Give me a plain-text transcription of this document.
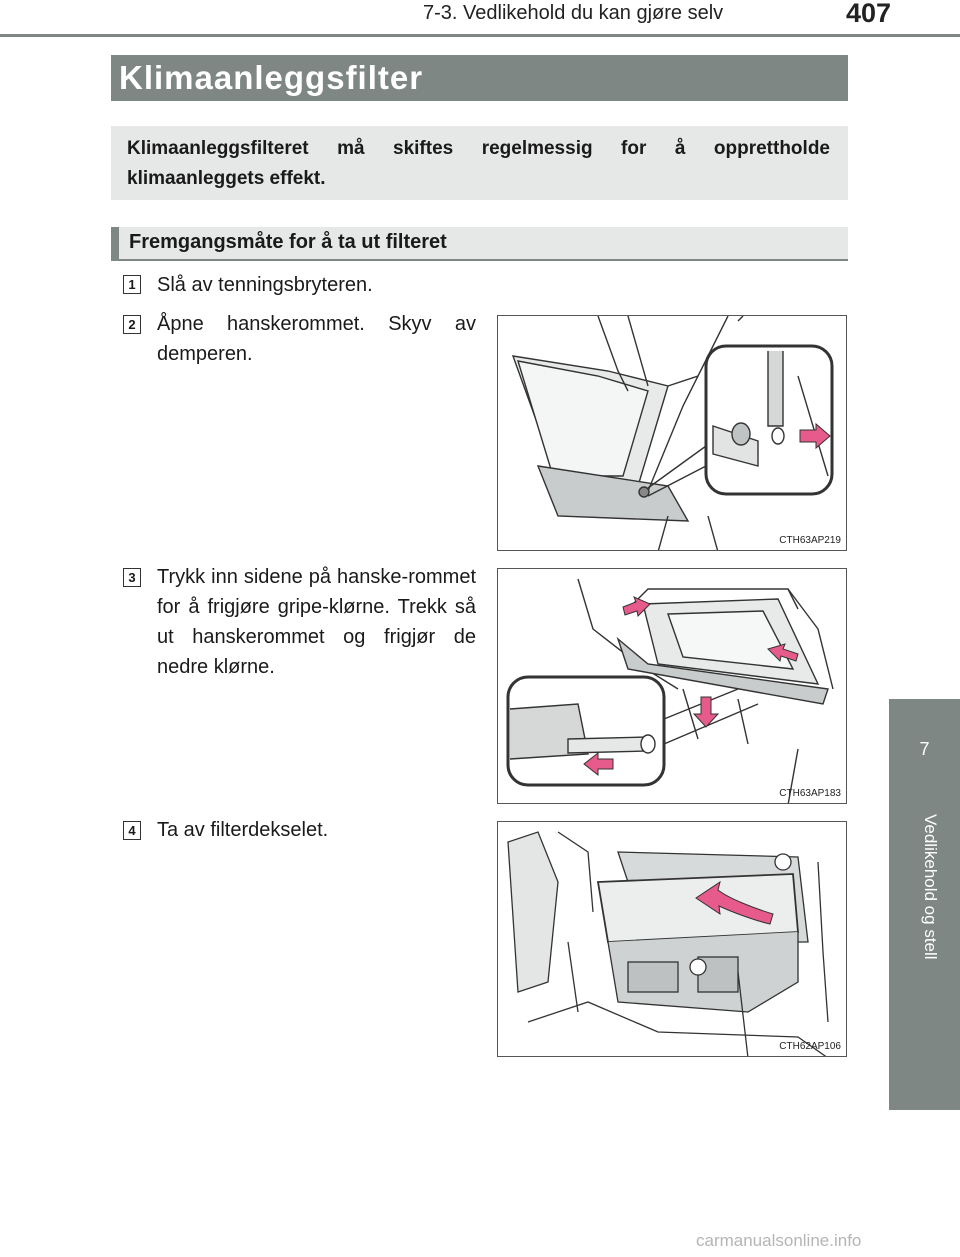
7-3. Vedlikehold du kan gjøre selv	407
7
Vedlikehold og stell
Klimaanleggsfilter

Klimaanleggsfilteret må skiftes regelmessig for å opprettholde klimaanleggets effekt.

Fremgangsmåte for å ta ut filteret
1 Slå av tenningsbryteren.

2 Åpne hanskerommet. Skyv av demperen.

CTH63AP219
3 Trykk inn sidene på hanske-rommet for å frigjøre gripe-klørne. Trekk så ut hanskerommet og frigjør de nedre klørne.

CTH63AP183
4 Ta av filterdekselet.

CTH62AP106
carmanualsonline.info
